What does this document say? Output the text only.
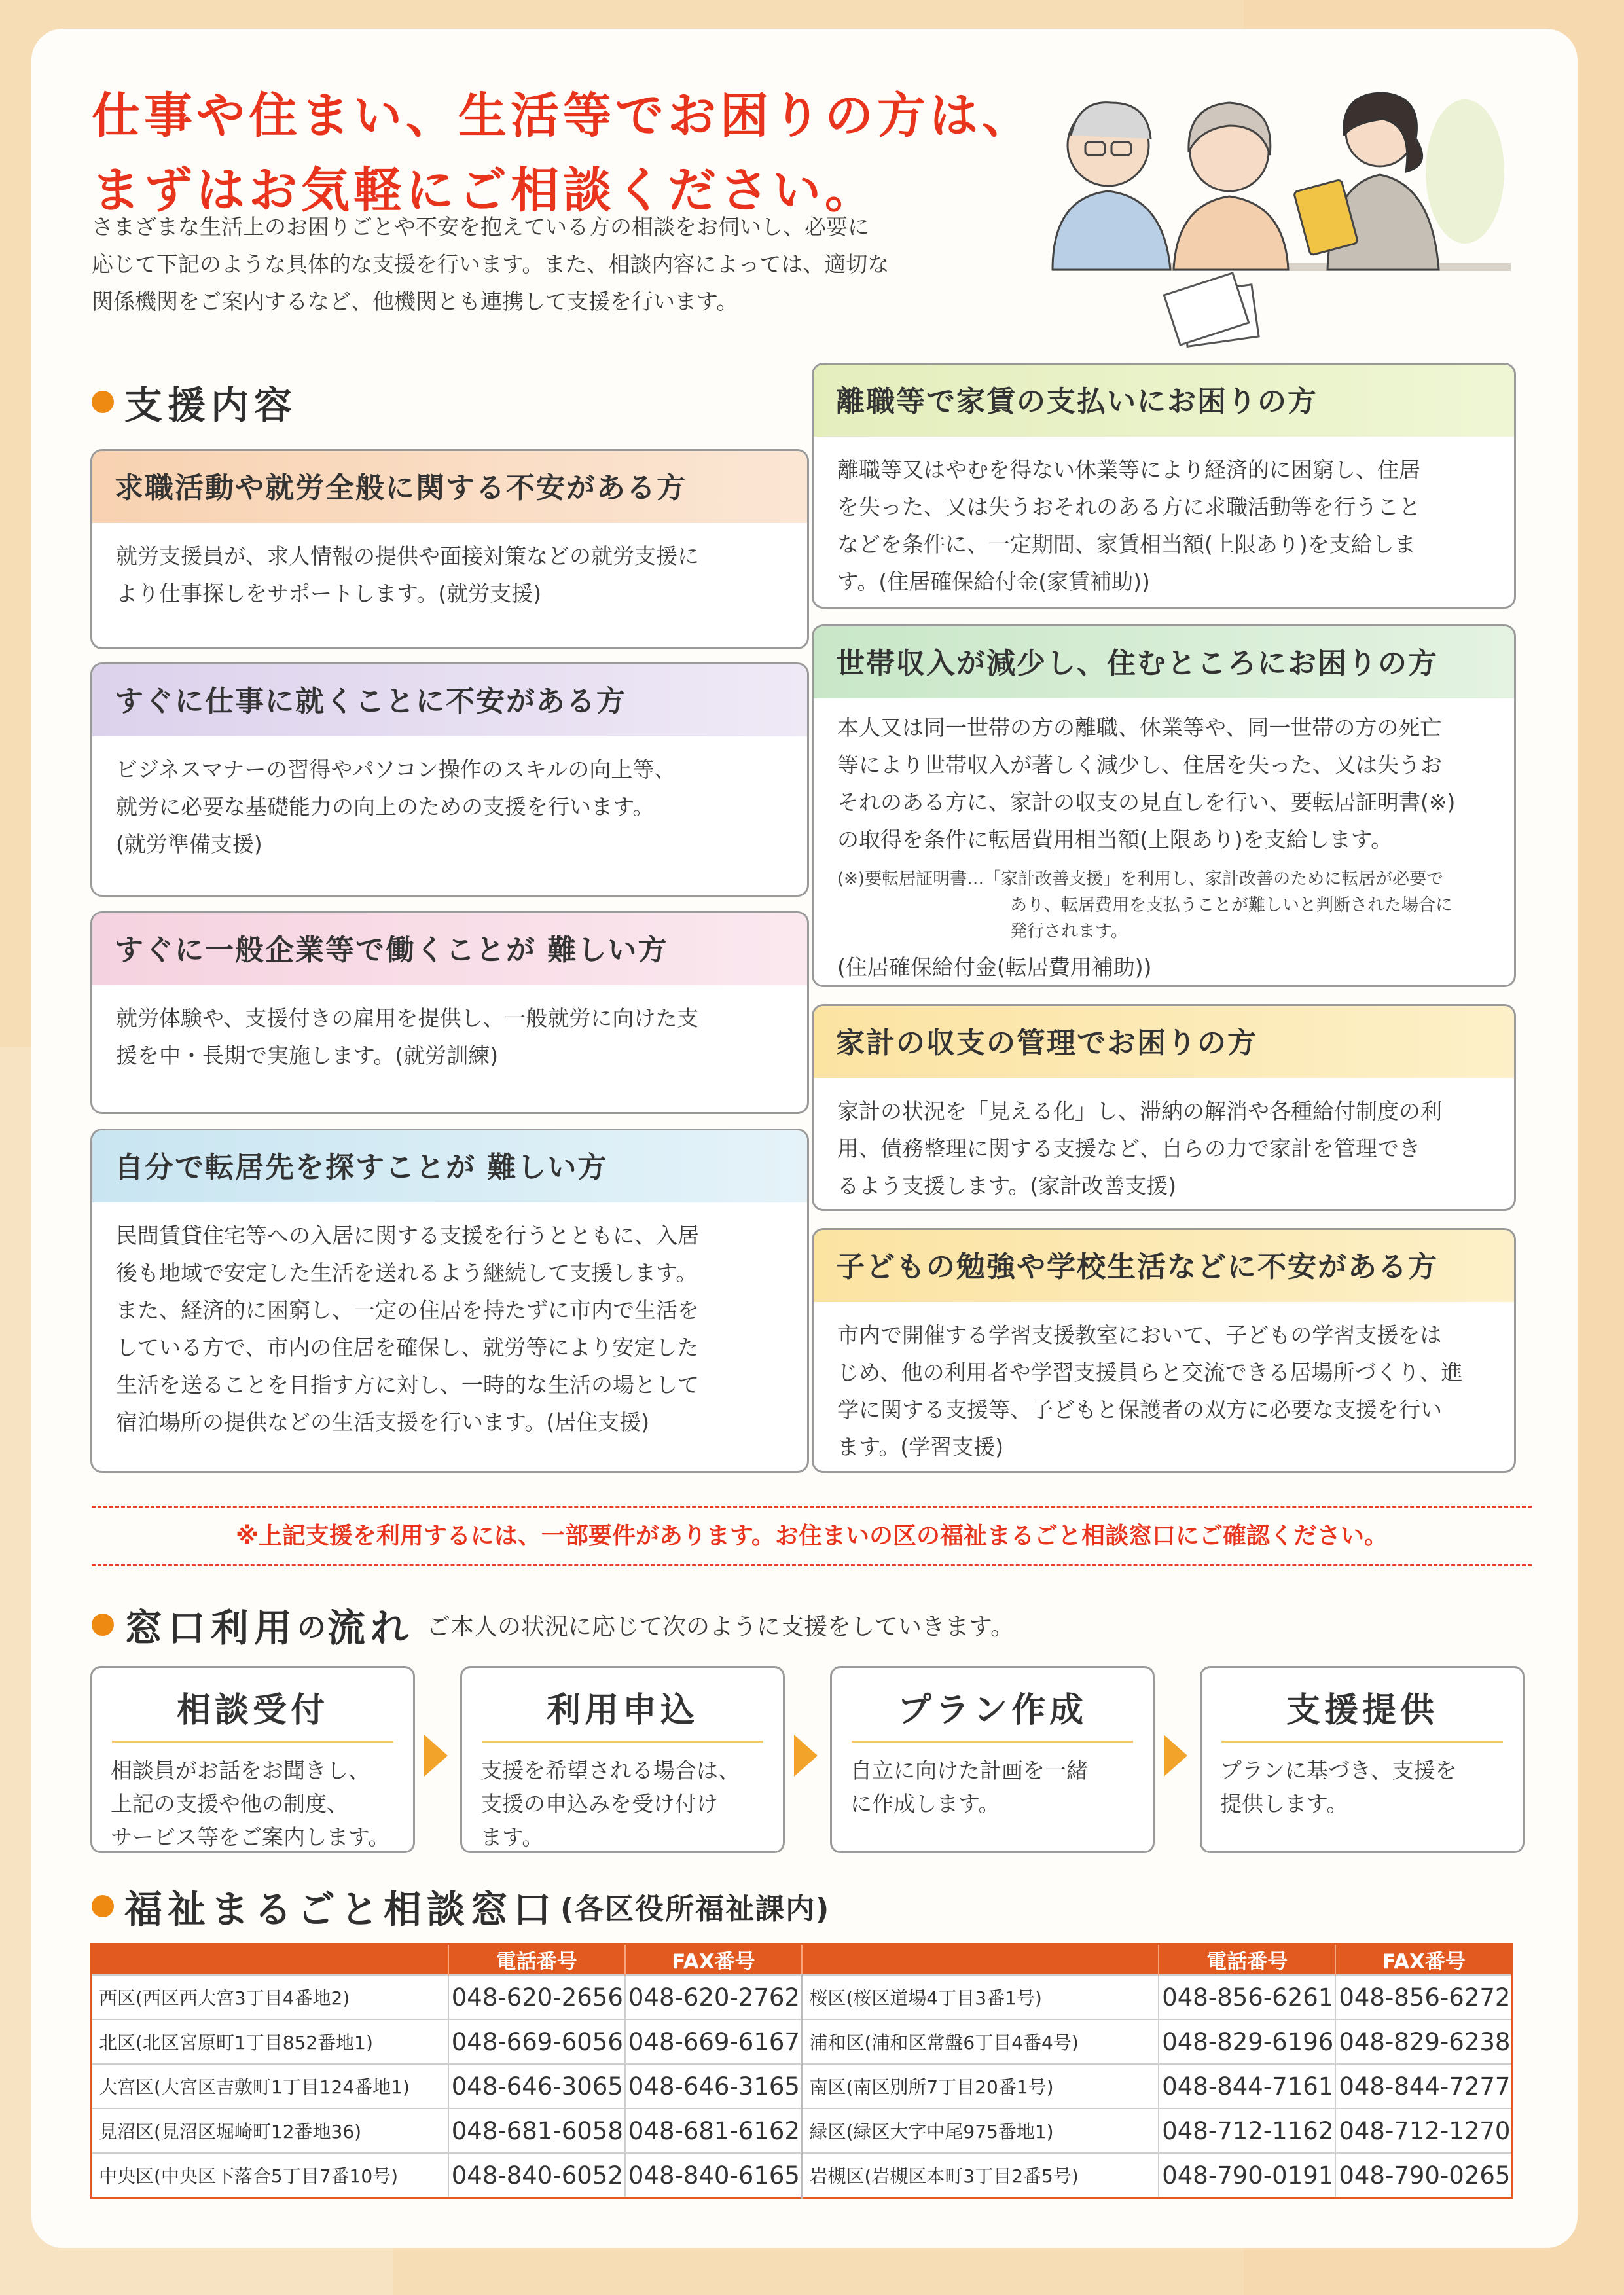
仕事や住まい、生活等でお困りの方は、
まずはお気軽にご相談ください。
さまざまな生活上のお困りごとや不安を抱えている方の相談をお伺いし、必要に
応じて下記のような具体的な支援を行います。また、相談内容によっては、適切な
関係機関をご案内するなど、他機関とも連携して支援を行います。
支援内容
求職活動や就労全般に関する不安がある方

就労支援員が、求人情報の提供や面接対策などの就労支援に

より仕事探しをサポートします。(就労支援)

すぐに仕事に就くことに不安がある方

ビジネスマナーの習得やパソコン操作のスキルの向上等、

就労に必要な基礎能力の向上のための支援を行います。

(就労準備支援)

すぐに一般企業等で働くことが 難しい方

就労体験や、支援付きの雇用を提供し、一般就労に向けた支

援を中・長期で実施します。(就労訓練)

自分で転居先を探すことが 難しい方

民間賃貸住宅等への入居に関する支援を行うとともに、入居

後も地域で安定した生活を送れるよう継続して支援します。

また、経済的に困窮し、一定の住居を持たずに市内で生活を

している方で、市内の住居を確保し、就労等により安定した

生活を送ることを目指す方に対し、一時的な生活の場として

宿泊場所の提供などの生活支援を行います。(居住支援)

離職等で家賃の支払いにお困りの方

離職等又はやむを得ない休業等により経済的に困窮し、住居

を失った、又は失うおそれのある方に求職活動等を行うこと

などを条件に、一定期間、家賃相当額(上限あり)を支給しま

す。(住居確保給付金(家賃補助))

世帯収入が減少し、住むところにお困りの方

本人又は同一世帯の方の離職、休業等や、同一世帯の方の死亡

等により世帯収入が著しく減少し、住居を失った、又は失うお

それのある方に、家計の収支の見直しを行い、要転居証明書(※)

の取得を条件に転居費用相当額(上限あり)を支給します。

(※)要転居証明書…「家計改善支援」を利用し、家計改善のために転居が必要で
あり、転居費用を支払うことが難しいと判断された場合に
発行されます。

(住居確保給付金(転居費用補助))

家計の収支の管理でお困りの方

家計の状況を「見える化」し、滞納の解消や各種給付制度の利

用、債務整理に関する支援など、自らの力で家計を管理でき

るよう支援します。(家計改善支援)

子どもの勉強や学校生活などに不安がある方

市内で開催する学習支援教室において、子どもの学習支援をは

じめ、他の利用者や学習支援員らと交流できる居場所づくり、進

学に関する支援等、子どもと保護者の双方に必要な支援を行い

ます。(学習支援)

※上記支援を利用するには、一部要件があります。お住まいの区の福祉まるごと相談窓口にご確認ください。

窓口利用 の 流れ ご本人の状況に応じて次のように支援をしていきます。
相談受付
相談員がお話をお聞きし、
上記の支援や他の制度、
サービス等をご案内します。
利用申込
支援を希望される場合は、
支援の申込みを受け付け
ます。
プラン作成
自立に向けた計画を一緒
に作成します。
支援提供
プランに基づき、支援を
提供します。
福祉まるごと相談窓口 (各区役所福祉課内)
	電話番号	FAX番号		電話番号	FAX番号
西区(西区西大宮3丁目4番地2)	048-620-2656	048-620-2762	桜区(桜区道場4丁目3番1号)	048-856-6261	048-856-6272
北区(北区宮原町1丁目852番地1)	048-669-6056	048-669-6167	浦和区(浦和区常盤6丁目4番4号)	048-829-6196	048-829-6238
大宮区(大宮区吉敷町1丁目124番地1)	048-646-3065	048-646-3165	南区(南区別所7丁目20番1号)	048-844-7161	048-844-7277
見沼区(見沼区堀崎町12番地36)	048-681-6058	048-681-6162	緑区(緑区大字中尾975番地1)	048-712-1162	048-712-1270
中央区(中央区下落合5丁目7番10号)	048-840-6052	048-840-6165	岩槻区(岩槻区本町3丁目2番5号)	048-790-0191	048-790-0265
